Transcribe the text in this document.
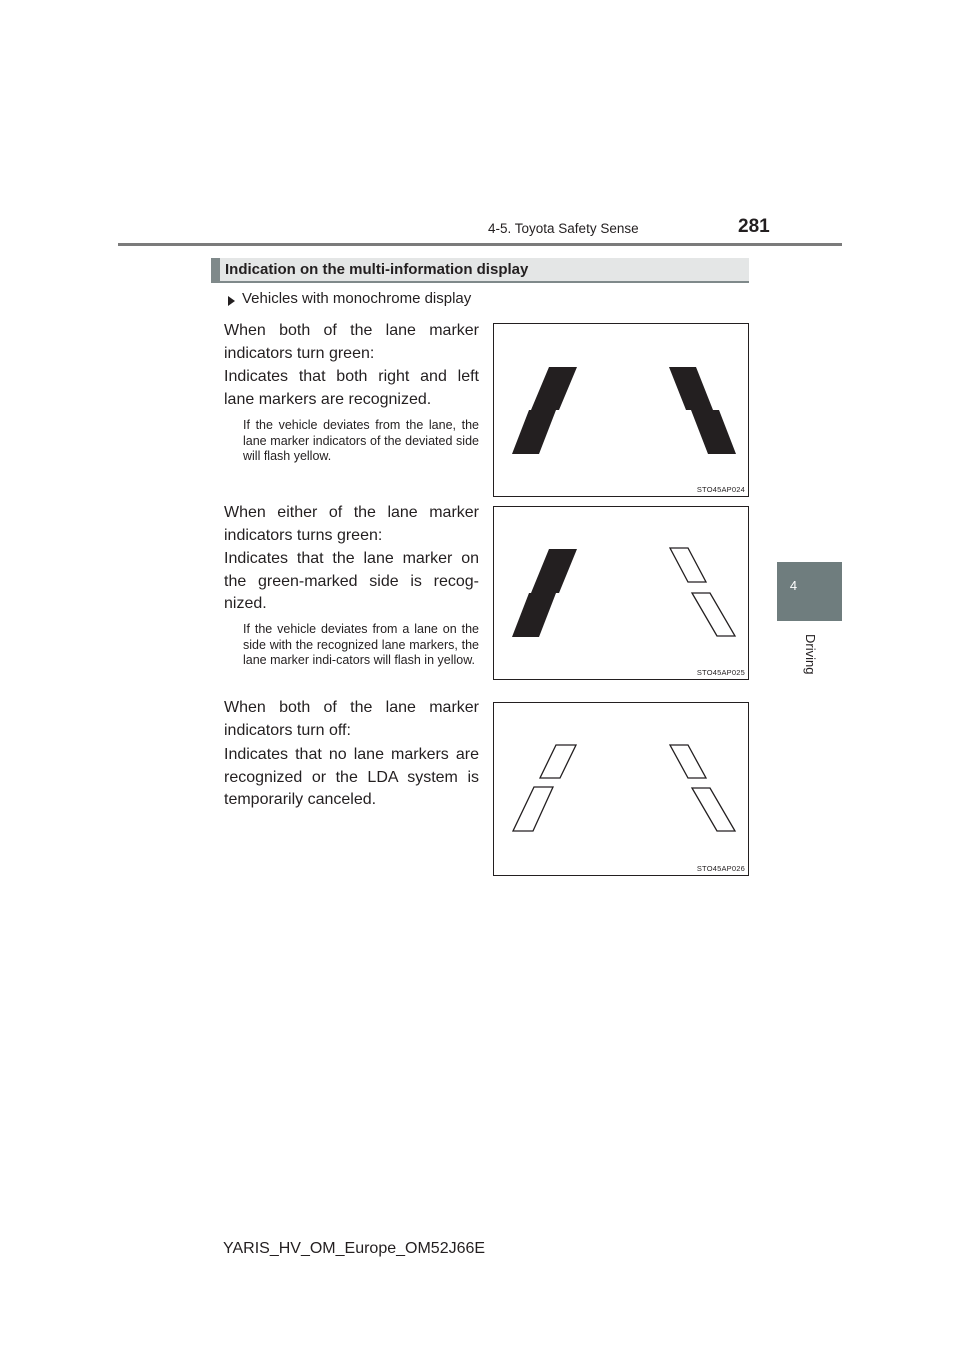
4-5. Toyota Safety Sense	281
4
Driving
Indication on the multi-information display
Vehicles with monochrome display
When both of the lane marker indicators turn green:
Indicates that both right and left lane markers are recognized.
If the vehicle deviates from the lane, the lane marker indicators of the deviated side will flash yellow.
STO45AP024
When either of the lane marker indicators turns green:
Indicates that the lane marker on the green-marked side is recog-nized.
If the vehicle deviates from a lane on the side with the recognized lane markers, the lane marker indi-cators will flash in yellow.
STO45AP025
When both of the lane marker indicators turn off:
Indicates that no lane markers are recognized or the LDA system is temporarily canceled.
STO45AP026
YARIS_HV_OM_Europe_OM52J66E
